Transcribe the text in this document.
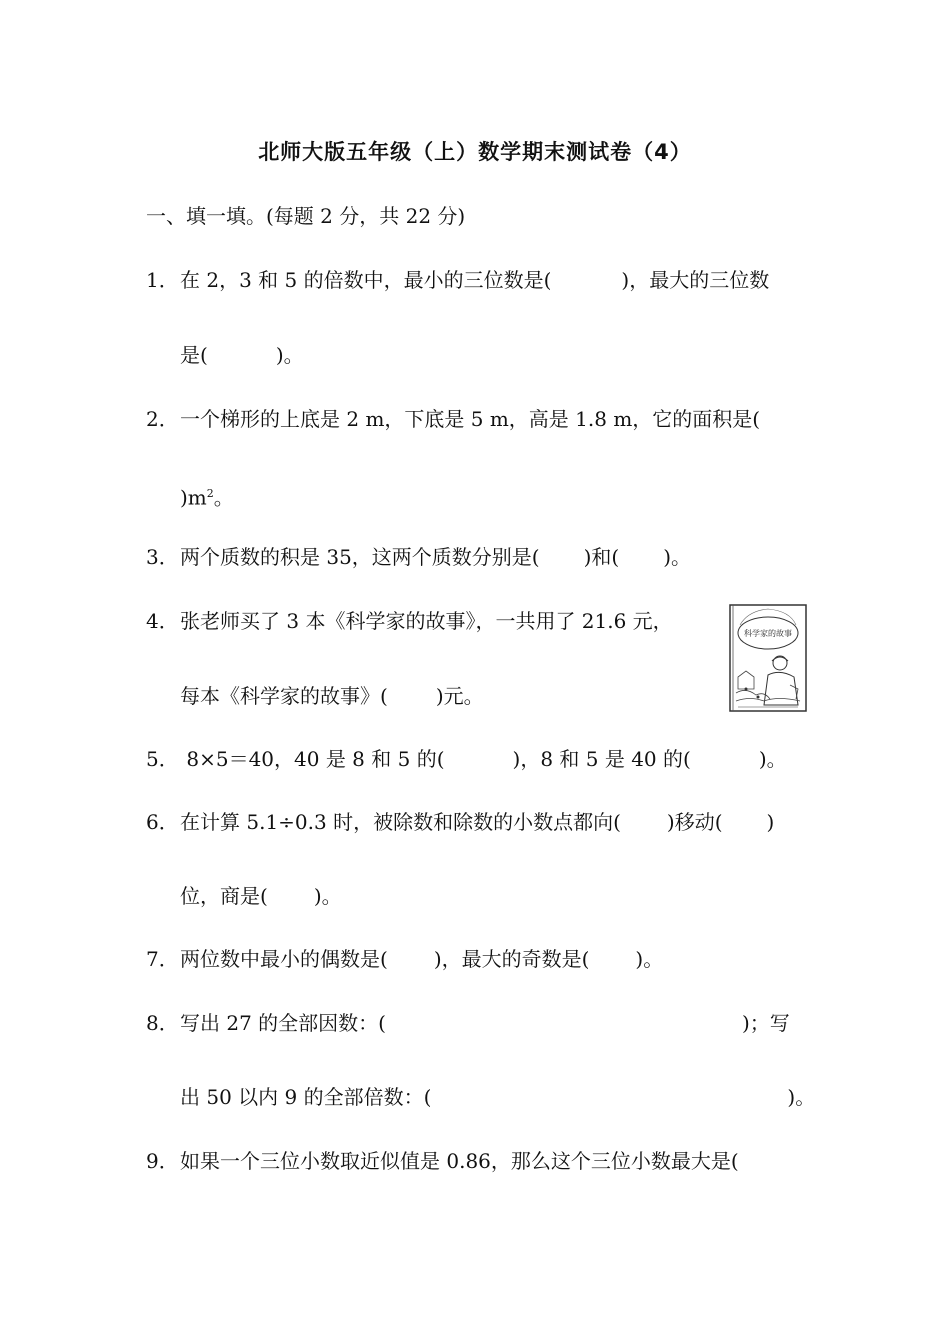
北师大版五年级（上）数学期末测试卷（4）
一、填一填。(每题 2 分，共 22 分)
1．在 2，3 和 5 的倍数中，最小的三位数是(	)，最大的三位数
是(	)。
2．一个梯形的上底是 2 m，下底是 5 m，高是 1.8 m，它的面积是(
)$m^2$。
3．两个质数的积是 35，这两个质数分别是( )和( )。
4．张老师买了 3 本《科学家的故事》，一共用了 21.6 元，
每本《科学家的故事》( )元。
科学家的故事
5． 8×5＝40，40 是 8 和 5 的(	)，8 和 5 是 40 的(	)。
6．在计算 5.1÷0.3 时，被除数和除数的小数点都向( )移动( )
位，商是( )。
7．两位数中最小的偶数是( )，最大的奇数是( )。
8．写出 27 的全部因数：(	)；写
出 50 以内 9 的全部倍数：(	)。
9．如果一个三位小数取近似值是 0.86，那么这个三位小数最大是(
